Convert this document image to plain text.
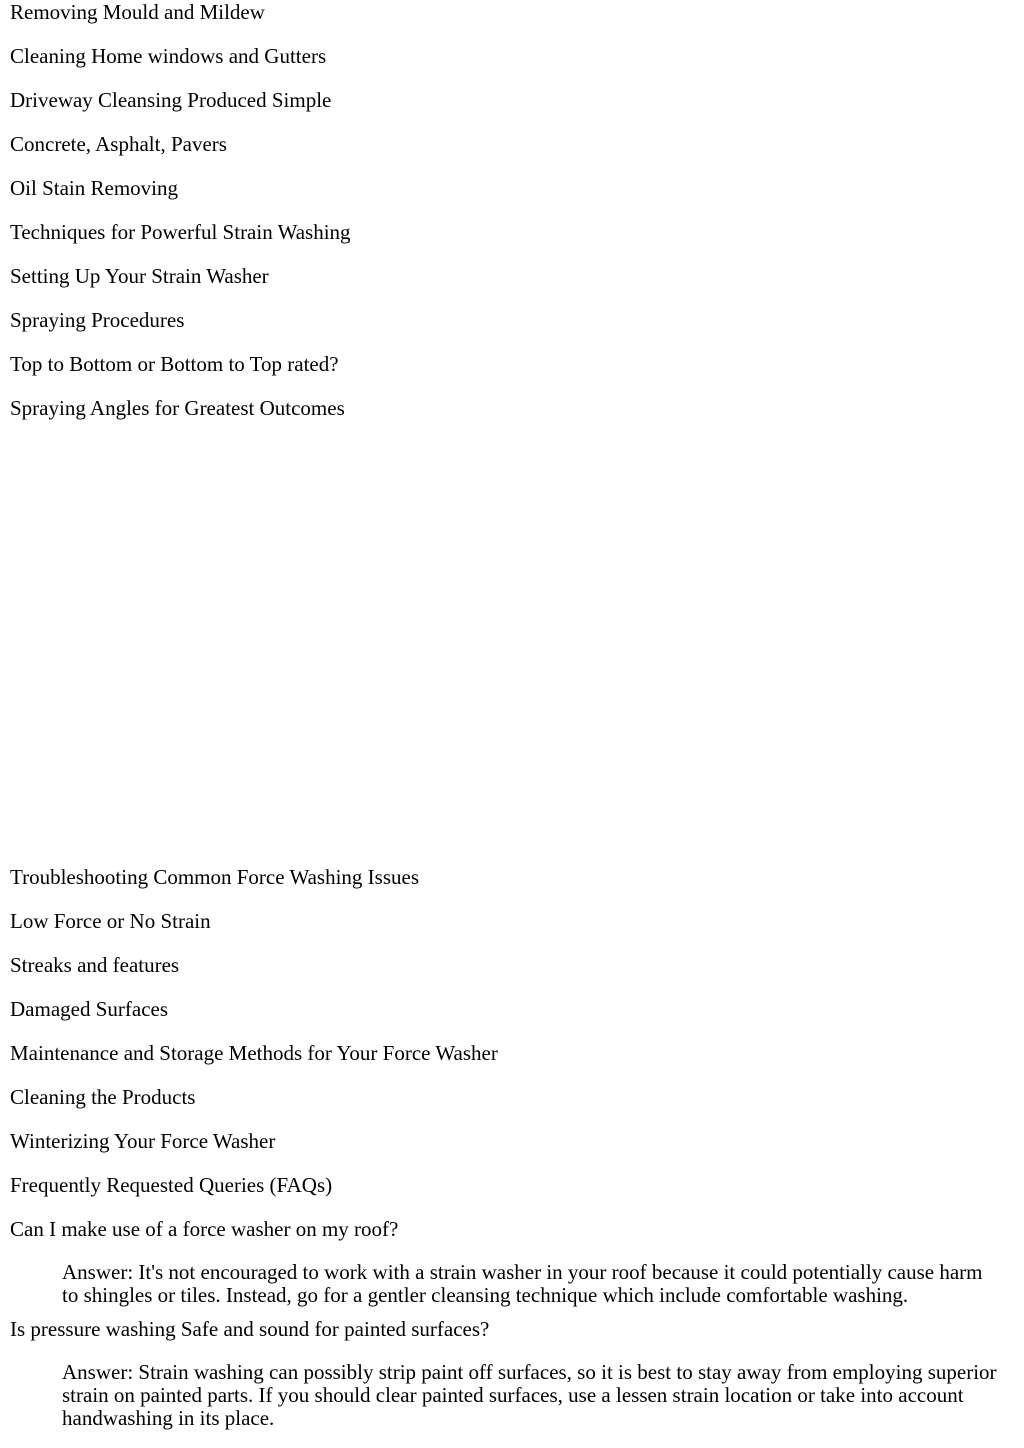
Removing Mould and Mildew

Cleaning Home windows and Gutters

Driveway Cleansing Produced Simple

Concrete, Asphalt, Pavers

Oil Stain Removing

Techniques for Powerful Strain Washing

Setting Up Your Strain Washer

Spraying Procedures

Top to Bottom or Bottom to Top rated?

Spraying Angles for Greatest Outcomes

Troubleshooting Common Force Washing Issues

Low Force or No Strain

Streaks and features

Damaged Surfaces

Maintenance and Storage Methods for Your Force Washer

Cleaning the Products

Winterizing Your Force Washer

Frequently Requested Queries (FAQs)

Can I make use of a force washer on my roof?

Answer: It's not encouraged to work with a strain washer in your roof because it could potentially cause harm to shingles or tiles. Instead, go for a gentler cleansing technique which include comfortable washing.

Is pressure washing Safe and sound for painted surfaces?

Answer: Strain washing can possibly strip paint off surfaces, so it is best to stay away from employing superior strain on painted parts. If you should clear painted surfaces, use a lessen strain location or take into account handwashing in its place.
